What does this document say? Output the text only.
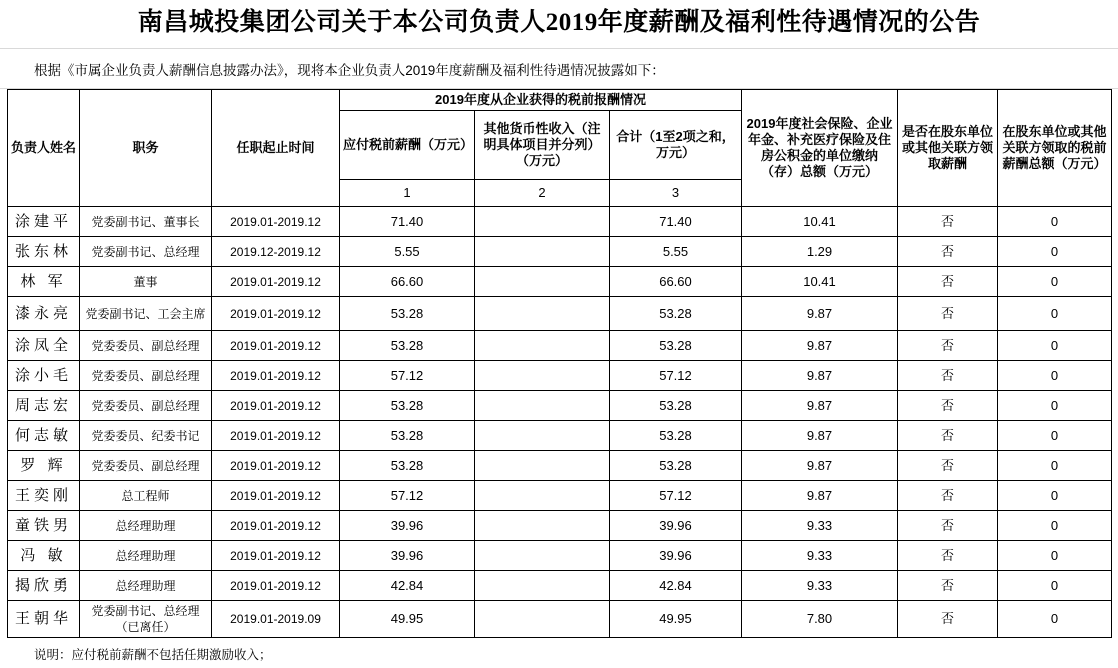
南昌城投集团公司关于本公司负责人2019年度薪酬及福利性待遇情况的公告
根据《市属企业负责人薪酬信息披露办法》，现将本企业负责人2019年度薪酬及福利性待遇情况披露如下：
负责人姓名	职务	任职起止时间	2019年度从企业获得的税前报酬情况			2019年度社会保险、企业年金、补充医疗保险及住房公积金的单位缴纳（存）总额（万元）	是否在股东单位或其他关联方领取薪酬	在股东单位或其他关联方领取的税前薪酬总额（万元）
			应付税前薪酬（万元）	其他货币性收入（注明具体项目并分列）（万元）	合计（1至2项之和，万元）			
			1	2	3			
涂建平	党委副书记、董事长	2019.01-2019.12	71.40		71.40	10.41	否	0
张东林	党委副书记、总经理	2019.12-2019.12	5.55		5.55	1.29	否	0
林 军	董事	2019.01-2019.12	66.60		66.60	10.41	否	0
漆永亮	党委副书记、工会主席	2019.01-2019.12	53.28		53.28	9.87	否	0
涂凤全	党委委员、副总经理	2019.01-2019.12	53.28		53.28	9.87	否	0
涂小毛	党委委员、副总经理	2019.01-2019.12	57.12		57.12	9.87	否	0
周志宏	党委委员、副总经理	2019.01-2019.12	53.28		53.28	9.87	否	0
何志敏	党委委员、纪委书记	2019.01-2019.12	53.28		53.28	9.87	否	0
罗 辉	党委委员、副总经理	2019.01-2019.12	53.28		53.28	9.87	否	0
王奕刚	总工程师	2019.01-2019.12	57.12		57.12	9.87	否	0
童铁男	总经理助理	2019.01-2019.12	39.96		39.96	9.33	否	0
冯 敏	总经理助理	2019.01-2019.12	39.96		39.96	9.33	否	0
揭欣勇	总经理助理	2019.01-2019.12	42.84		42.84	9.33	否	0
王朝华	党委副书记、总经理（已离任）	2019.01-2019.09	49.95		49.95	7.80	否	0
说明：应付税前薪酬不包括任期激励收入；
